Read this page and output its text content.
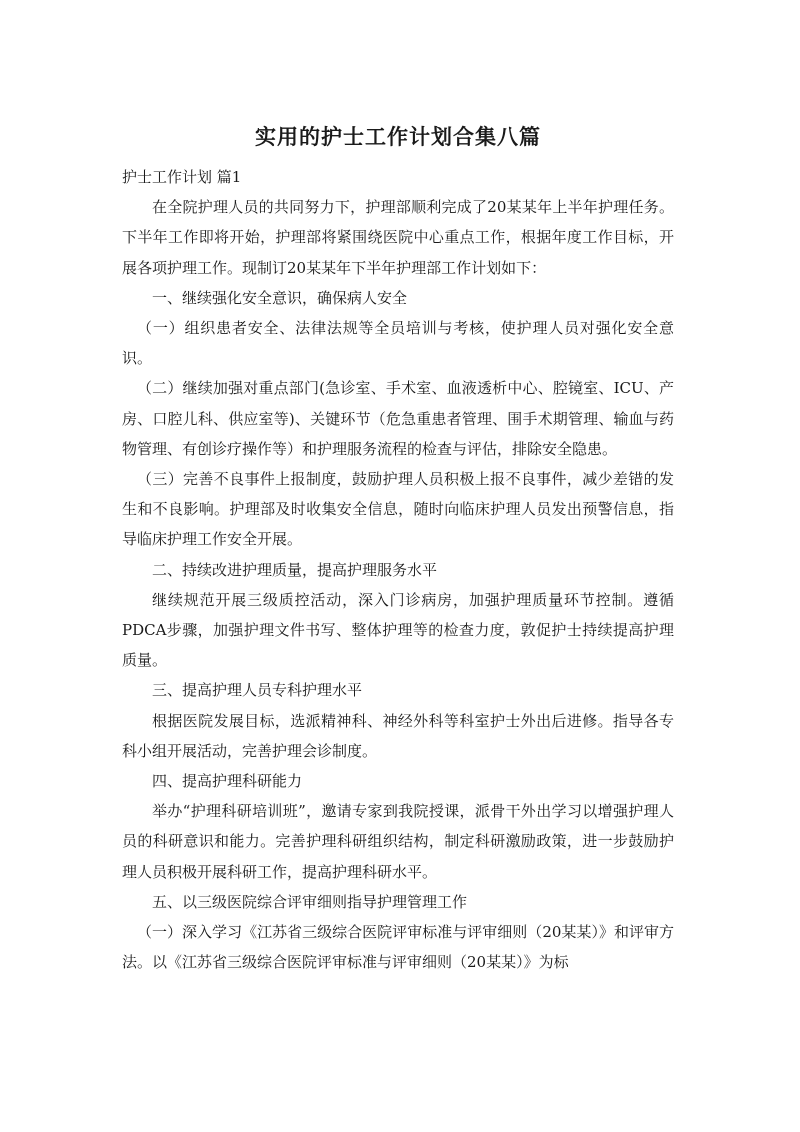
实用的护士工作计划合集八篇

护士工作计划 篇1

在全院护理人员的共同努力下，护理部顺利完成了20某某年上半年护理任务。下半年工作即将开始，护理部将紧围绕医院中心重点工作，根据年度工作目标，开展各项护理工作。现制订20某某年下半年护理部工作计划如下：

一、继续强化安全意识，确保病人安全

（一）组织患者安全、法律法规等全员培训与考核，使护理人员对强化安全意识。

（二）继续加强对重点部门(急诊室、手术室、血液透析中心、腔镜室、ICU、产房、口腔儿科、供应室等)、关键环节（危急重患者管理、围手术期管理、输血与药物管理、有创诊疗操作等）和护理服务流程的检查与评估，排除安全隐患。

（三）完善不良事件上报制度，鼓励护理人员积极上报不良事件，减少差错的发生和不良影响。护理部及时收集安全信息，随时向临床护理人员发出预警信息，指导临床护理工作安全开展。

二、持续改进护理质量，提高护理服务水平

继续规范开展三级质控活动，深入门诊病房，加强护理质量环节控制。遵循PDCA步骤，加强护理文件书写、整体护理等的检查力度，敦促护士持续提高护理质量。

三、提高护理人员专科护理水平

根据医院发展目标，选派精神科、神经外科等科室护士外出后进修。指导各专科小组开展活动，完善护理会诊制度。

四、提高护理科研能力

举办“护理科研培训班”，邀请专家到我院授课，派骨干外出学习以增强护理人员的科研意识和能力。完善护理科研组织结构，制定科研激励政策，进一步鼓励护理人员积极开展科研工作，提高护理科研水平。

五、以三级医院综合评审细则指导护理管理工作

（一）深入学习《江苏省三级综合医院评审标准与评审细则（20某某）》和评审方法。以《江苏省三级综合医院评审标准与评审细则（20某某）》为标
